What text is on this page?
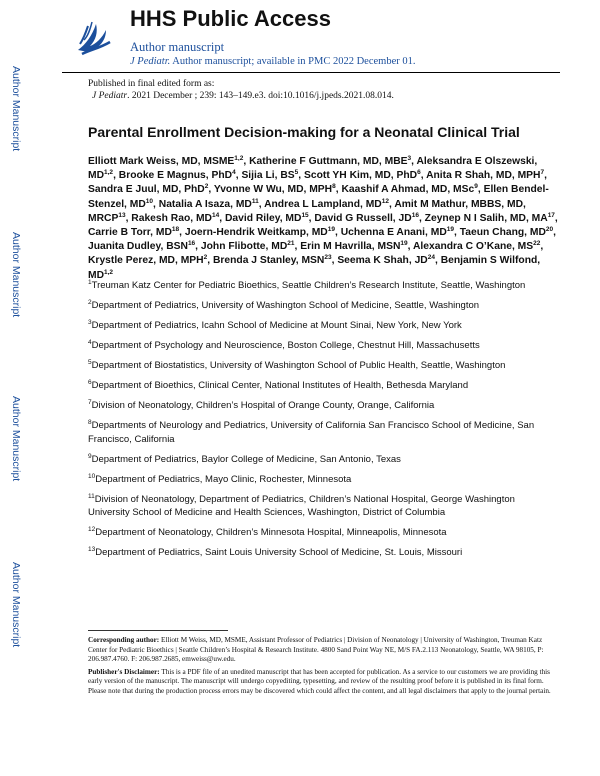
Author Manuscript
Author Manuscript
Author Manuscript
Author Manuscript
HHS Public Access
Author manuscript
J Pediatr. Author manuscript; available in PMC 2022 December 01.
Published in final edited form as:
J Pediatr. 2021 December ; 239: 143–149.e3. doi:10.1016/j.jpeds.2021.08.014.
Parental Enrollment Decision-making for a Neonatal Clinical Trial
Elliott Mark Weiss, MD, MSME$^{1,2}$, Katherine F Guttmann, MD, MBE$^3$, Aleksandra E Olszewski, MD$^{1,2}$, Brooke E Magnus, PhD$^4$, Sijia Li, $BS^5$, Scott YH Kim, MD, PhD$^6$, Anita R Shah, MD, MPH$^7$, Sandra E Juul, MD, PhD$^2$, Yvonne W Wu, MD, MPH$^8$, Kaashif A Ahmad, MD, MSc$^9$, Ellen Bendel-Stenzel, MD$^{10}$, Natalia A Isaza, MD$^{11}$, Andrea L Lampland, MD$^{12}$, Amit M Mathur, MBBS, MD, MRCP$^{13}$, Rakesh Rao, MD$^{14}$, David Riley, MD$^{15}$, David G Russell, JD$^{16}$, Zeynep N I Salih, MD, MA$^{17}$, Carrie B Torr, MD$^{18}$, Joern-Hendrik Weitkamp, MD$^{19}$, Uchenna E Anani, MD$^{19}$, Taeun Chang, MD$^{20}$, Juanita Dudley, BSN$^{16}$, John Flibotte, MD$^{21}$, Erin M Havrilla, MSN$^{19}$, Alexandra C O’Kane, MS$^{22}$, Krystle Perez, MD, MPH$^2$, Brenda J Stanley, MSN$^{23}$, Seema K Shah, JD$^{24}$, Benjamin S Wilfond, MD$^{1,2}$
$^1$Treuman Katz Center for Pediatric Bioethics, Seattle Children’s Research Institute, Seattle, Washington
$^2$Department of Pediatrics, University of Washington School of Medicine, Seattle, Washington
$^3$Department of Pediatrics, Icahn School of Medicine at Mount Sinai, New York, New York
$^4$Department of Psychology and Neuroscience, Boston College, Chestnut Hill, Massachusetts
$^5$Department of Biostatistics, University of Washington School of Public Health, Seattle, Washington
$^6$Department of Bioethics, Clinical Center, National Institutes of Health, Bethesda Maryland
$^7$Division of Neonatology, Children’s Hospital of Orange County, Orange, California
$^8$Departments of Neurology and Pediatrics, University of California San Francisco School of Medicine, San Francisco, California
$^9$Department of Pediatrics, Baylor College of Medicine, San Antonio, Texas
$^{10}$Department of Pediatrics, Mayo Clinic, Rochester, Minnesota
$^{11}$Division of Neonatology, Department of Pediatrics, Children’s National Hospital, George Washington University School of Medicine and Health Sciences, Washington, District of Columbia
$^{12}$Department of Neonatology, Children’s Minnesota Hospital, Minneapolis, Minnesota
$^{13}$Department of Pediatrics, Saint Louis University School of Medicine, St. Louis, Missouri

Corresponding author: Elliott M Weiss, MD, MSME, Assistant Professor of Pediatrics | Division of Neonatology | University of Washington, Treuman Katz Center for Pediatric Bioethics | Seattle Children’s Hospital & Research Institute. 4800 Sand Point Way NE, M/S FA.2.113 Neonatology, Seattle, WA 98105, P: 206.987.4760. F: 206.987.2685, emweiss@uw.edu.

Publisher's Disclaimer: This is a PDF file of an unedited manuscript that has been accepted for publication. As a service to our customers we are providing this early version of the manuscript. The manuscript will undergo copyediting, typesetting, and review of the resulting proof before it is published in its final form. Please note that during the production process errors may be discovered which could affect the content, and all legal disclaimers that apply to the journal pertain.
